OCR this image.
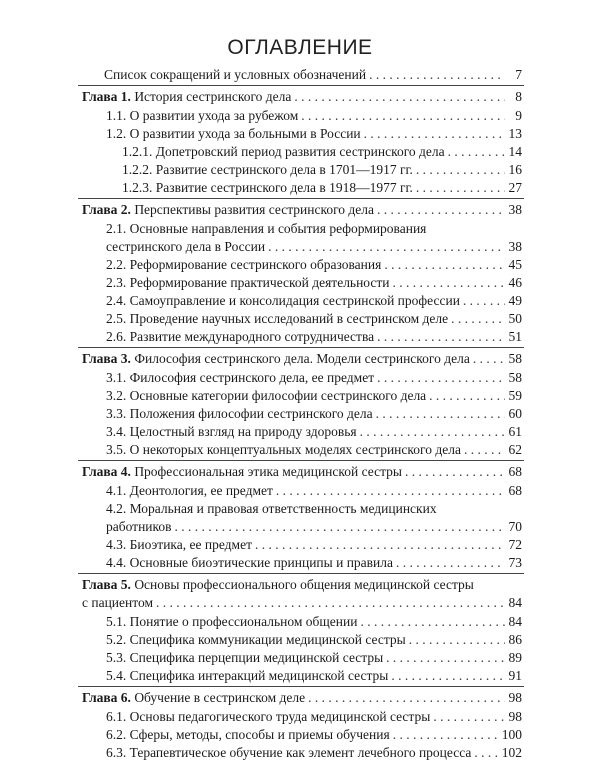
ОГЛАВЛЕНИЕ
Список сокращений и условных обозначений . . .	7
Глава 1. История сестринского дела . . .	8
1.1. О развитии ухода за рубежом . . .	9
1.2. О развитии ухода за больными в России . . .	13
1.2.1. Допетровский период развития сестринского дела . . .	14
1.2.2. Развитие сестринского дела в 1701—1917 гг. . . .	16
1.2.3. Развитие сестринского дела в 1918—1977 гг. . . .	27
Глава 2. Перспективы развития сестринского дела . . .	38
2.1. Основные направления и события реформирования
сестринского дела в России . . .	38
2.2. Реформирование сестринского образования . . .	45
2.3. Реформирование практической деятельности . . .	46
2.4. Самоуправление и консолидация сестринской профессии . . .	49
2.5. Проведение научных исследований в сестринском деле . . .	50
2.6. Развитие международного сотрудничества . . .	51
Глава 3. Философия сестринского дела. Модели сестринского дела . . .	58
3.1. Философия сестринского дела, ее предмет . . .	58
3.2. Основные категории философии сестринского дела . . .	59
3.3. Положения философии сестринского дела . . .	60
3.4. Целостный взгляд на природу здоровья . . .	61
3.5. О некоторых концептуальных моделях сестринского дела . . .	62
Глава 4. Профессиональная этика медицинской сестры . . .	68
4.1. Деонтология, ее предмет . . .	68
4.2. Моральная и правовая ответственность медицинских
работников . . .	70
4.3. Биоэтика, ее предмет . . .	72
4.4. Основные биоэтические принципы и правила . . .	73
Глава 5. Основы профессионального общения медицинской сестры
с пациентом . . .	84
5.1. Понятие о профессиональном общении . . .	84
5.2. Специфика коммуникации медицинской сестры . . .	86
5.3. Специфика перцепции медицинской сестры . . .	89
5.4. Специфика интеракций медицинской сестры . . .	91
Глава 6. Обучение в сестринском деле . . .	98
6.1. Основы педагогического труда медицинской сестры . . .	98
6.2. Сферы, методы, способы и приемы обучения . . .	100
6.3. Терапевтическое обучение как элемент лечебного процесса . . . 102
